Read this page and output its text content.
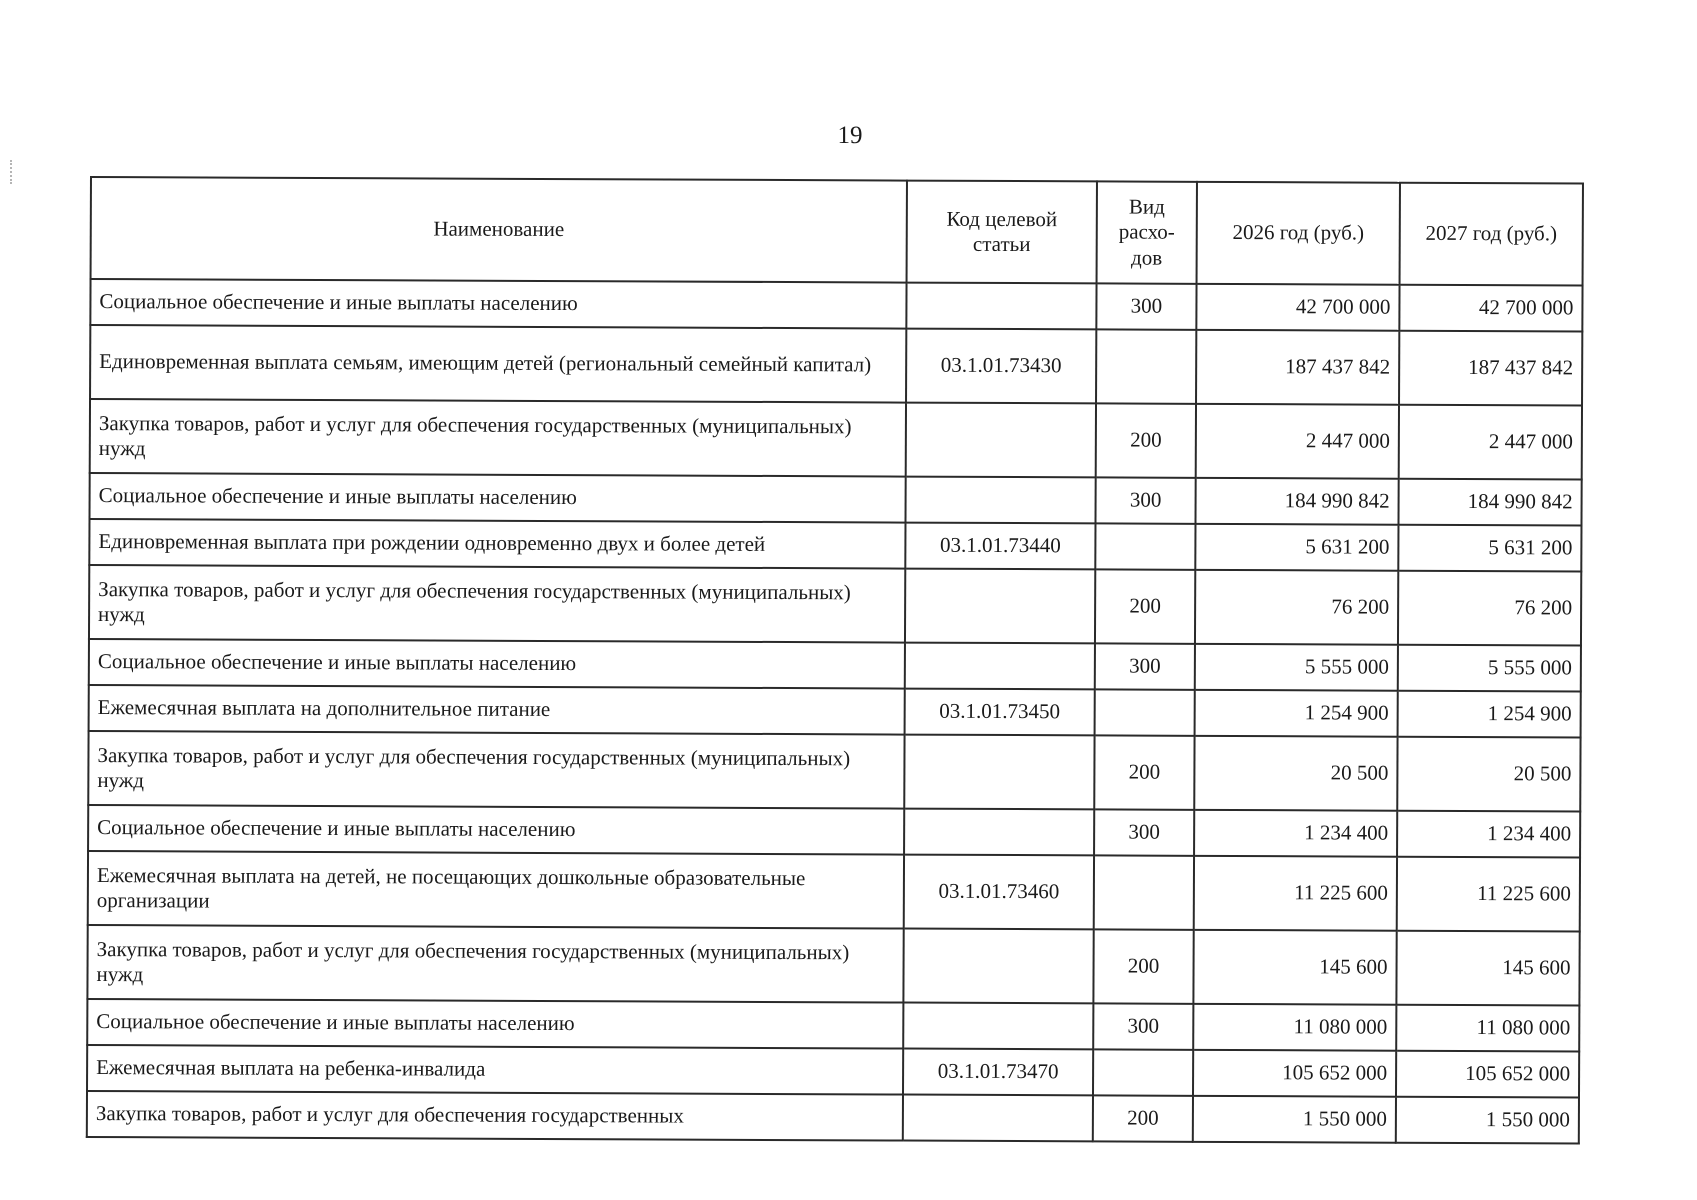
19
Наименование	Код целевой статьи	Вид расхо-дов	2026 год (руб.)	2027 год (руб.)
Социальное обеспечение и иные выплаты населению		300	42 700 000	42 700 000
Единовременная выплата семьям, имеющим детей (региональный семейный капитал)	03.1.01.73430		187 437 842	187 437 842
Закупка товаров, работ и услуг для обеспечения государственных (муниципальных) нужд		200	2 447 000	2 447 000
Социальное обеспечение и иные выплаты населению		300	184 990 842	184 990 842
Единовременная выплата при рождении одновременно двух и более детей	03.1.01.73440		5 631 200	5 631 200
Закупка товаров, работ и услуг для обеспечения государственных (муниципальных) нужд		200	76 200	76 200
Социальное обеспечение и иные выплаты населению		300	5 555 000	5 555 000
Ежемесячная выплата на дополнительное питание	03.1.01.73450		1 254 900	1 254 900
Закупка товаров, работ и услуг для обеспечения государственных (муниципальных) нужд		200	20 500	20 500
Социальное обеспечение и иные выплаты населению		300	1 234 400	1 234 400
Ежемесячная выплата на детей, не посещающих дошкольные образовательные организации	03.1.01.73460		11 225 600	11 225 600
Закупка товаров, работ и услуг для обеспечения государственных (муниципальных) нужд		200	145 600	145 600
Социальное обеспечение и иные выплаты населению		300	11 080 000	11 080 000
Ежемесячная выплата на ребенка-инвалида	03.1.01.73470		105 652 000	105 652 000
Закупка товаров, работ и услуг для обеспечения государственных		200	1 550 000	1 550 000
